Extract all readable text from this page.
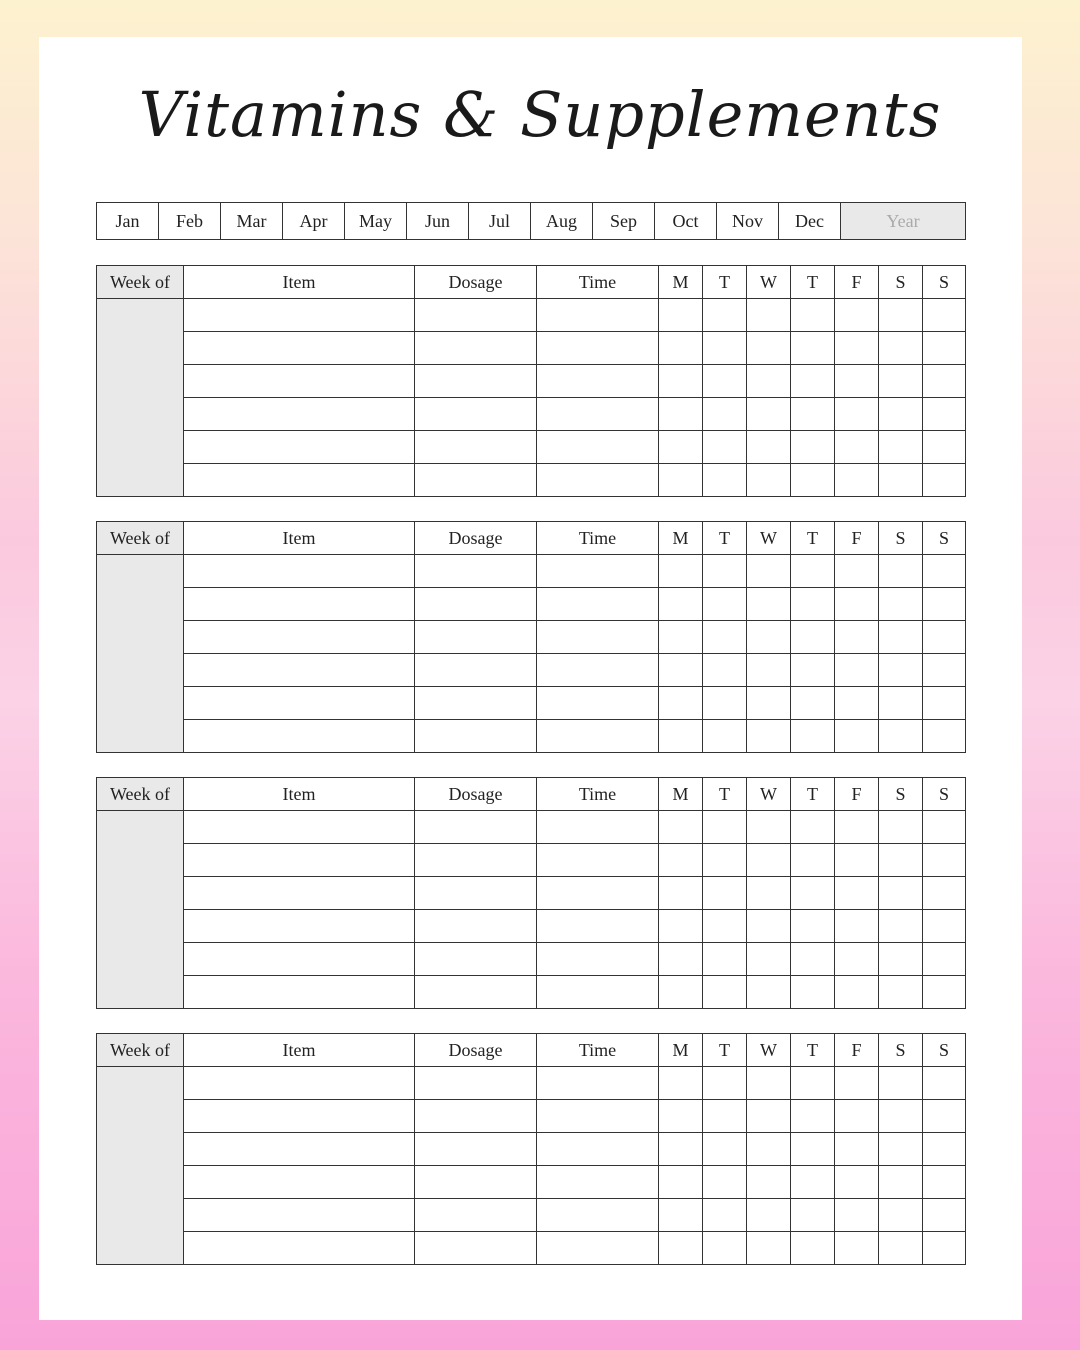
Vitamins & Supplements
Jan	Feb	Mar	Apr	May	Jun	Jul	Aug	Sep	Oct	Nov	Dec	Year
Week of	Item	Dosage	Time	M	T	W	T	F	S	S

Week of	Item	Dosage	Time	M	T	W	T	F	S	S

Week of	Item	Dosage	Time	M	T	W	T	F	S	S

Week of	Item	Dosage	Time	M	T	W	T	F	S	S
